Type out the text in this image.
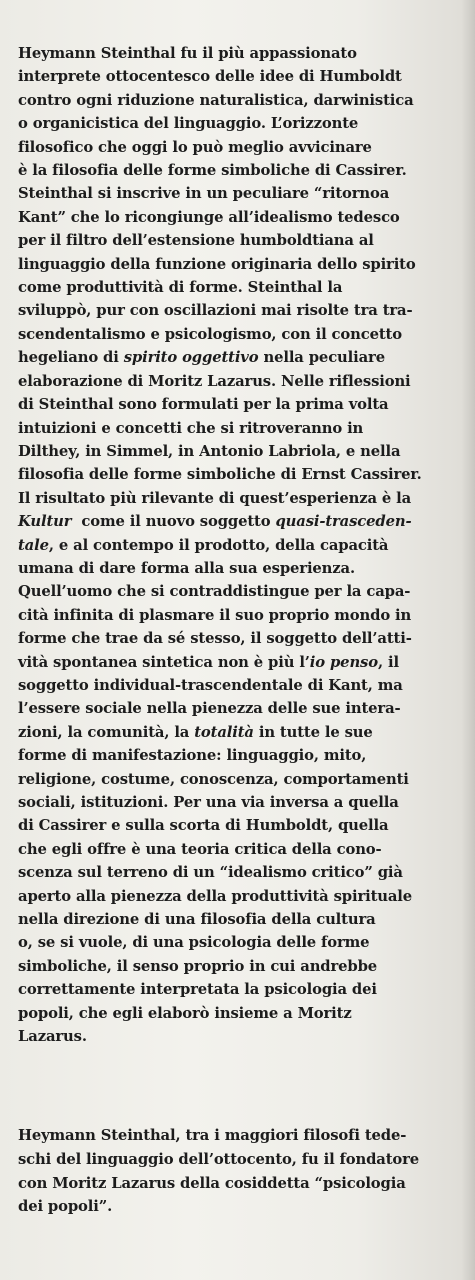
Heymann Steinthal fu il più appassionato
interprete ottocentesco delle idee di Humboldt
contro ogni riduzione naturalistica, darwinistica
o organicistica del linguaggio. L’orizzonte
filosofico che oggi lo può meglio avvicinare
è la filosofia delle forme simboliche di Cassirer.
Steinthal si inscrive in un peculiare “ritornoa
Kant” che lo ricongiunge all’idealismo tedesco
per il filtro dell’estensione humboldtiana al
linguaggio della funzione originaria dello spirito
come produttività di forme. Steinthal la
sviluppò, pur con oscillazioni mai risolte tra tra-
scendentalismo e psicologismo, con il concetto
hegeliano di spirito oggettivo nella peculiare
elaborazione di Moritz Lazarus. Nelle riflessioni
di Steinthal sono formulati per la prima volta
intuizioni e concetti che si ritroveranno in
Dilthey, in Simmel, in Antonio Labriola, e nella
filosofia delle forme simboliche di Ernst Cassirer.
Il risultato più rilevante di quest’esperienza è la
Kultur  come il nuovo soggetto quasi-trasceden-
tale, e al contempo il prodotto, della capacità
umana di dare forma alla sua esperienza.
Quell’uomo che si contraddistingue per la capa-
cità infinita di plasmare il suo proprio mondo in
forme che trae da sé stesso, il soggetto dell’atti-
vità spontanea sintetica non è più l’io penso, il
soggetto individual-trascendentale di Kant, ma
l’essere sociale nella pienezza delle sue intera-
zioni, la comunità, la totalità in tutte le sue
forme di manifestazione: linguaggio, mito,
religione, costume, conoscenza, comportamenti
sociali, istituzioni. Per una via inversa a quella
di Cassirer e sulla scorta di Humboldt, quella
che egli offre è una teoria critica della cono-
scenza sul terreno di un “idealismo critico” già
aperto alla pienezza della produttività spirituale
nella direzione di una filosofia della cultura
o, se si vuole, di una psicologia delle forme
simboliche, il senso proprio in cui andrebbe
correttamente interpretata la psicologia dei
popoli, che egli elaborò insieme a Moritz
Lazarus.
Heymann Steinthal, tra i maggiori filosofi tede-
schi del linguaggio dell’ottocento, fu il fondatore
con Moritz Lazarus della cosiddetta “psicologia
dei popoli”.
